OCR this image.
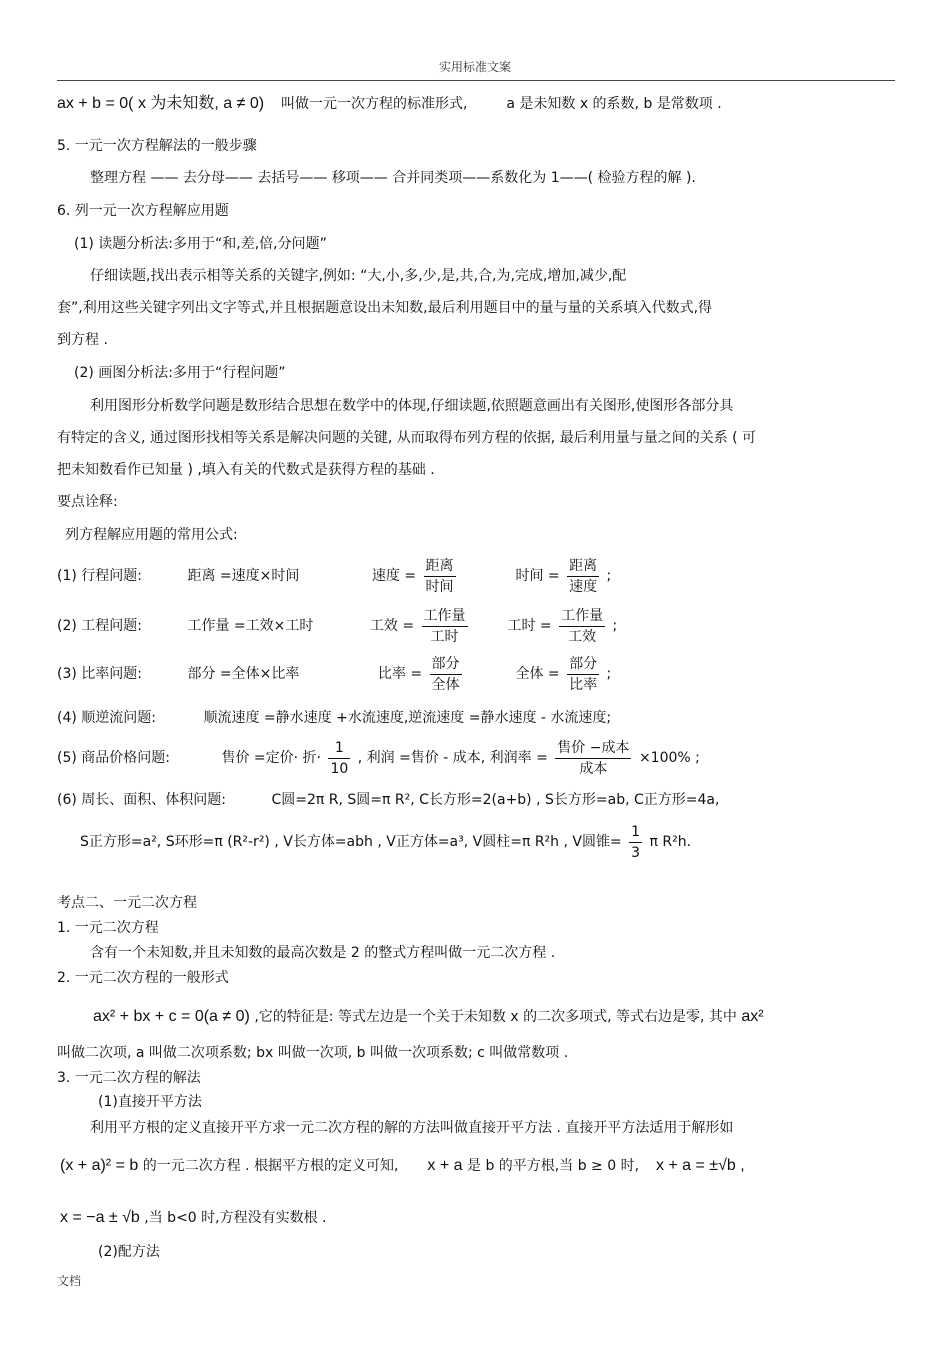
实用标准文案
ax + b = 0( x 为未知数, a ≠ 0) 叫做一元一次方程的标准形式,	a 是未知数 x 的系数, b 是常数项 .
5. 一元一次方程解法的一般步骤
整理方程 —— 去分母—— 去括号—— 移项—— 合并同类项——系数化为 1——( 检验方程的解 ).
6. 列一元一次方程解应用题
(1) 读题分析法:多用于“和,差,倍,分问题”
仔细读题,找出表示相等关系的关键字,例如: “大,小,多,少,是,共,合,为,完成,增加,减少,配
套”,利用这些关键字列出文字等式,并且根据题意设出未知数,最后利用题目中的量与量的关系填入代数式,得
到方程 .
(2) 画图分析法:多用于“行程问题”
利用图形分析数学问题是数形结合思想在数学中的体现,仔细读题,依照题意画出有关图形,使图形各部分具
有特定的含义, 通过图形找相等关系是解决问题的关键, 从而取得布列方程的依据, 最后利用量与量之间的关系 ( 可
把未知数看作已知量 ) ,填入有关的代数式是获得方程的基础 .
要点诠释:
列方程解应用题的常用公式:
(1) 行程问题:	距离 =速度×时间	速度 = $\frac{\text{距离}}{\text{时间}}$	时间 = $\frac{\text{距离}}{\text{速度}}$ ;
(2) 工程问题:	工作量 =工效×工时	工效 = $\frac{\text{工作量}}{\text{工时}}$	工时 = $\frac{\text{工作量}}{\text{工效}}$ ;
(3) 比率问题:	部分 =全体×比率	比率 = $\frac{\text{部分}}{\text{全体}}$	全体 = $\frac{\text{部分}}{\text{比率}}$ ;
(4) 顺逆流问题:	顺流速度 =静水速度 +水流速度,逆流速度 =静水速度 - 水流速度;
(5) 商品价格问题:	售价 =定价· 折· $\frac{1}{10}$ , 利润 =售价 - 成本, 利润率 = $\frac{\text{售价 −成本}}{\text{成本}} \times 100\%$ ;
(6) 周长、面积、体积问题:	C圆=2π R, S圆=π R², C长方形=2(a+b) , S长方形=ab, C正方形=4a,
S正方形=a², S环形=π (R²-r²) , V长方体=abh , V正方体=a³, V圆柱=π R²h , V圆锥= $\frac{1}{3}$ π R²h.
考点二、一元二次方程
1. 一元二次方程
含有一个未知数,并且未知数的最高次数是 2 的整式方程叫做一元二次方程 .
2. 一元二次方程的一般形式
ax² + bx + c = 0(a ≠ 0) ,它的特征是: 等式左边是一个关于未知数 x 的二次多项式, 等式右边是零, 其中 ax²
叫做二次项, a 叫做二次项系数; bx 叫做一次项, b 叫做一次项系数; c 叫做常数项 .
3. 一元二次方程的解法
(1)直接开平方法
利用平方根的定义直接开平方求一元二次方程的解的方法叫做直接开平方法 . 直接开平方法适用于解形如
(x + a)² = b 的一元二次方程 . 根据平方根的定义可知, x + a 是 b 的平方根,当 b ≥ 0 时, x + a = ±√b ,
x = −a ± √b ,当 b<0 时,方程没有实数根 .
(2)配方法
文档
